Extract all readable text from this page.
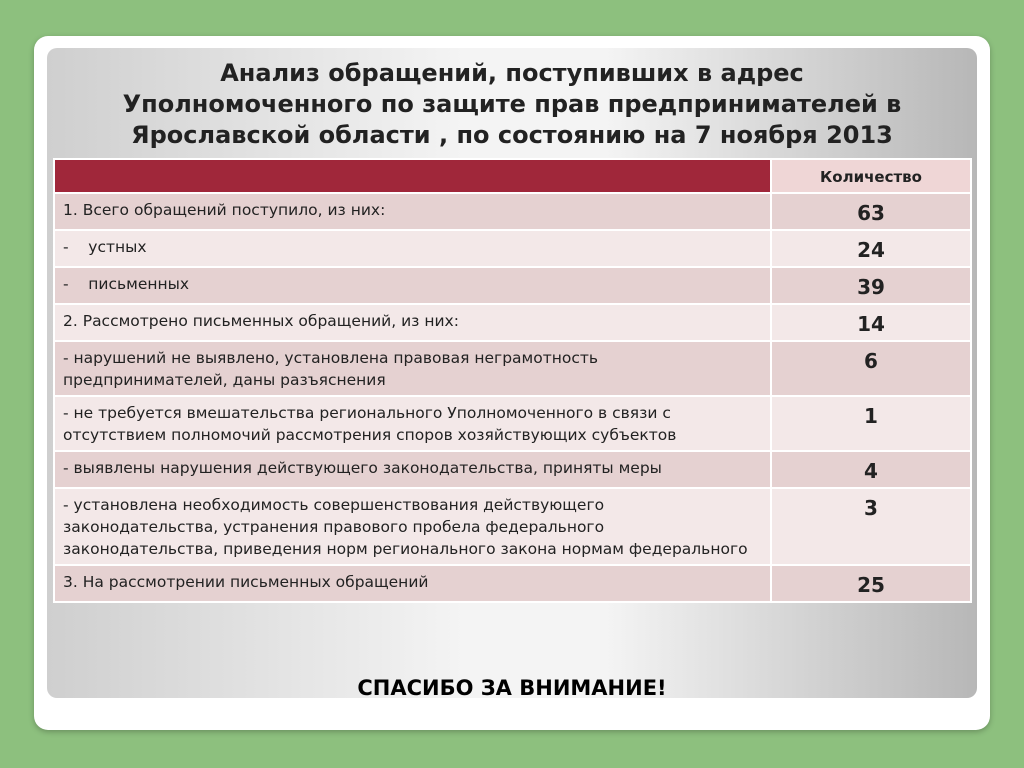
Анализ обращений, поступивших в адрес
Уполномоченного по защите прав предпринимателей в
Ярославской области , по состоянию на 7 ноября 2013
	Количество
1. Всего обращений поступило, из них:	63
-    устных	24
-    письменных	39
2. Рассмотрено письменных обращений, из них:	14
- нарушений не выявлено, установлена правовая неграмотность предпринимателей, даны разъяснения	6
- не требуется вмешательства регионального Уполномоченного в связи с отсутствием полномочий рассмотрения споров хозяйствующих субъектов	1
- выявлены нарушения действующего законодательства, приняты меры	4
- установлена необходимость совершенствования действующего законодательства, устранения правового пробела федерального законодательства, приведения норм регионального закона нормам федерального	3
3. На рассмотрении письменных обращений	25
СПАСИБО ЗА ВНИМАНИЕ!
